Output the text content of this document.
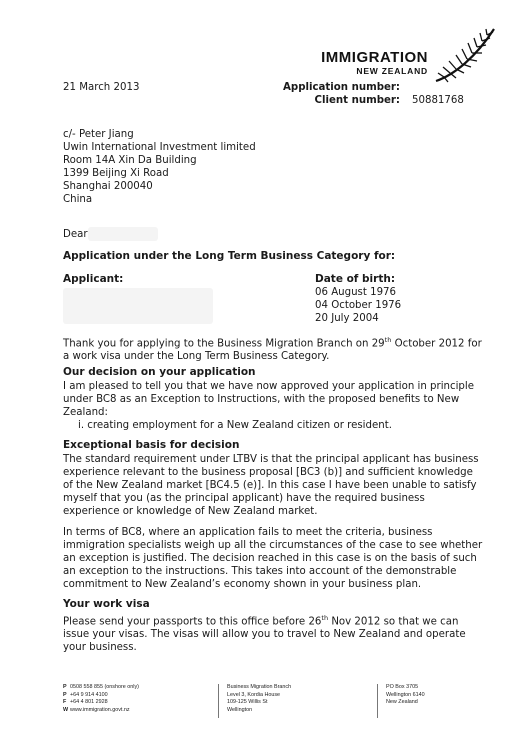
IMMIGRATION
NEW ZEALAND
21 March 2013	Application number:
Client number: 50881768
c/- Peter Jiang
Uwin International Investment limited
Room 14A Xin Da Building
1399 Beijing Xi Road
Shanghai 200040
China
Dear
Application under the Long Term Business Category for:
Applicant:	Date of birth:
06 August 1976
04 October 1976
20 July 2004
Thank you for applying to the Business Migration Branch on 29th October 2012 for a work visa under the Long Term Business Category.
Our decision on your application
I am pleased to tell you that we have now approved your application in principle under BC8 as an Exception to Instructions, with the proposed benefits to New Zealand:
i. creating employment for a New Zealand citizen or resident.
Exceptional basis for decision
The standard requirement under LTBV is that the principal applicant has business experience relevant to the business proposal [BC3 (b)] and sufficient knowledge of the New Zealand market [BC4.5 (e)]. In this case I have been unable to satisfy myself that you (as the principal applicant) have the required business experience or knowledge of New Zealand market.
In terms of BC8, where an application fails to meet the criteria, business immigration specialists weigh up all the circumstances of the case to see whether an exception is justified. The decision reached in this case is on the basis of such an exception to the instructions. This takes into account of the demonstrable commitment to New Zealand’s economy shown in your business plan.
Your work visa
Please send your passports to this office before 26th Nov 2012 so that we can issue your visas. The visas will allow you to travel to New Zealand and operate your business.
P 0508 558 855 (onshore only)
P +64 9 914 4100
F +64 4 801 2928
W www.immigration.govt.nz
Business Migration Branch
Level 3, Kordia House
109-125 Willis St
Wellington
PO Box 3705
Wellington 6140
New Zealand
